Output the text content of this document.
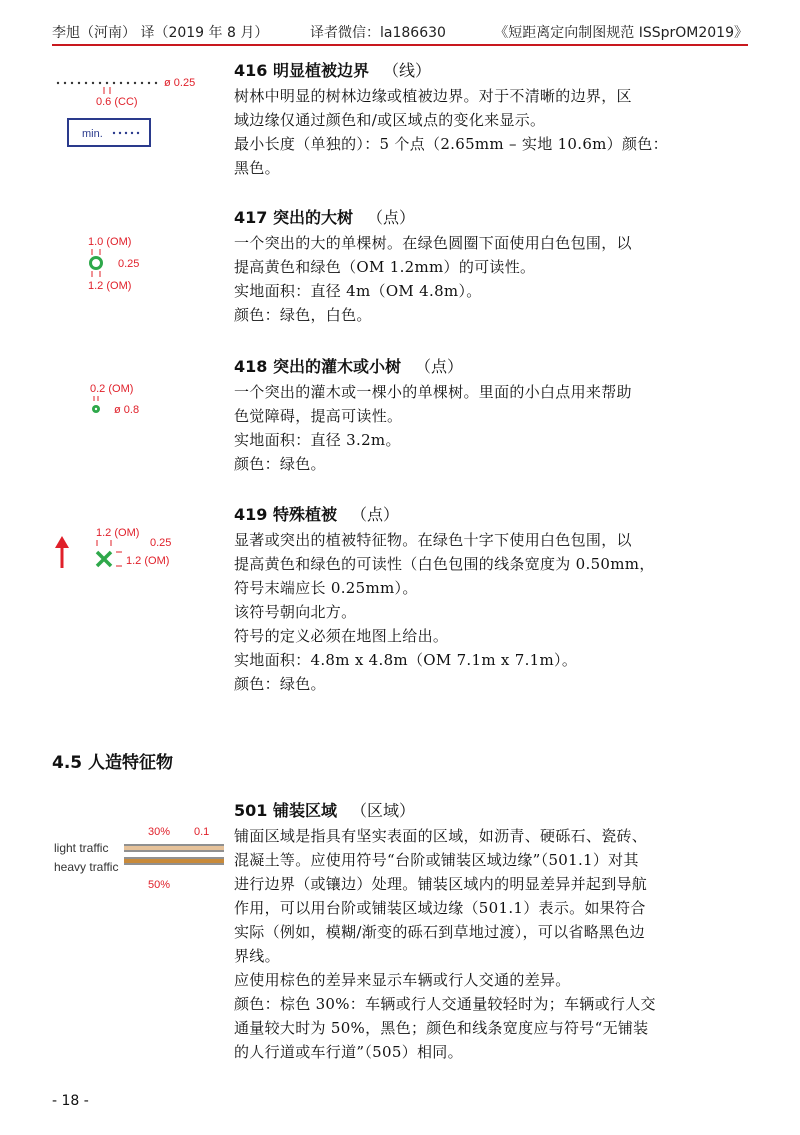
李旭（河南） 译（2019 年 8 月）	译者微信：la186630	《短距离定向制图规范 ISSprOM2019》
ø 0.25
0.6 (CC)
min.

416 明显植被边界 （线）

树林中明显的树林边缘或植被边界。对于不清晰的边界，区

域边缘仅通过颜色和/或区域点的变化来显示。

最小长度（单独的）：5 个点（2.65mm – 实地 10.6m）颜色：

黑色。

1.0 (OM)
0.25
1.2 (OM)

417 突出的大树 （点）

一个突出的大的单棵树。在绿色圆圈下面使用白色包围，以

提高黄色和绿色（OM 1.2mm）的可读性。

实地面积：直径 4m（OM 4.8m）。

颜色：绿色，白色。

0.2 (OM)
ø 0.8

418 突出的灌木或小树 （点）

一个突出的灌木或一棵小的单棵树。里面的小白点用来帮助

色觉障碍，提高可读性。

实地面积：直径 3.2m。

颜色：绿色。

1.2 (OM)
0.25
1.2 (OM)

419 特殊植被 （点）

显著或突出的植被特征物。在绿色十字下使用白色包围，以

提高黄色和绿色的可读性（白色包围的线条宽度为 0.50mm，

符号末端应长 0.25mm）。

该符号朝向北方。

符号的定义必须在地图上给出。

实地面积：4.8m x 4.8m（OM 7.1m x 7.1m）。

颜色：绿色。

4.5 人造特征物
30% 0.1
light traffic
heavy traffic
50%

501 铺装区域 （区域）

铺面区域是指具有坚实表面的区域，如沥青、硬砾石、瓷砖、

混凝土等。应使用符号“台阶或铺装区域边缘”（501.1）对其

进行边界（或镶边）处理。铺装区域内的明显差异并起到导航

作用，可以用台阶或铺装区域边缘（501.1）表示。如果符合

实际（例如，模糊/渐变的砾石到草地过渡），可以省略黑色边

界线。

应使用棕色的差异来显示车辆或行人交通的差异。

颜色：棕色 30%：车辆或行人交通量较轻时为；车辆或行人交

通量较大时为 50%，黑色；颜色和线条宽度应与符号“无铺装

的人行道或车行道”（505）相同。

- 18 -
